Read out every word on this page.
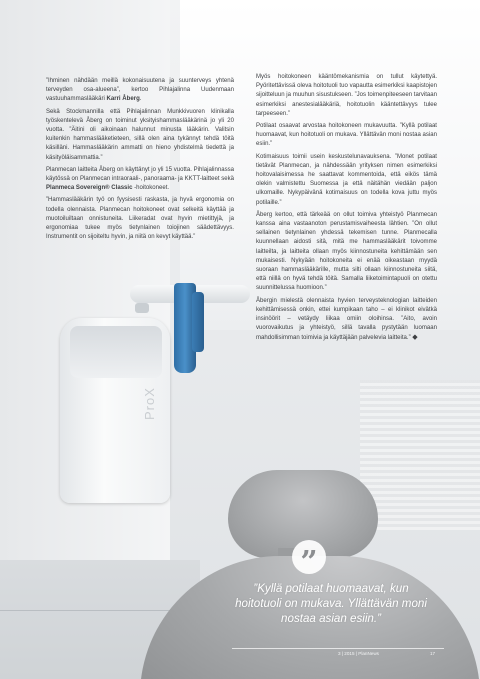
ProX

”Ihminen nähdään meillä kokonaisuutena ja suunterveys yhtenä terveyden osa-alueena”, kertoo Pihlajalinna Uudenmaan vastuuhammaslääkäri Karri Åberg.

Sekä Stockmannilla että Pihlajalinnan Munkkivuoren klinikalla työskentelevä Åberg on toiminut yksityishammaslääkärinä jo yli 20 vuotta. ”Äitini oli aikoinaan halunnut minusta lääkärin. Valitsin kuitenkin hammaslääketieteen, sillä olen aina tykännyt tehdä töitä käsilläni. Hammaslääkärin ammatti on hieno yhdistelmä tiedettä ja käsityöläisammattia.”

Planmecan laitteita Åberg on käyttänyt jo yli 15 vuotta. Pihlajalinnassa käytössä on Planmecan intraoraali-, panoraama- ja KKTT-laitteet sekä Planmeca Sovereign® Classic -hoitokoneet.

”Hammaslääkärin työ on fyysisesti raskasta, ja hyvä ergonomia on todella olennaista. Planmecan hoitokoneet ovat selkeitä käyttää ja muotoiluiltaan onnistuneita. Liikeradat ovat hyvin mietittyjä, ja ergonomiaa tukee myös tietynlainen toiojinen säädettävyys. Instrumentit on sijoiteltu hyvin, ja niitä on kevyt käyttää.”

Myös hoitokoneen kääntömekanismia on tullut käytettyä. Pyöritettävissä oleva hoitotuoli tuo vapautta esimerkiksi kaapistojen sijoitteluun ja muuhun sisustukseen. ”Jos toimenpiteeseen tarvitaan esimerkiksi anestesialääkäriä, hoitotuolin kääntettävyys tulee tarpeeseen.”

Potilaat osaavat arvostaa hoitokoneen mukavuutta. ”Kyllä potilaat huomaavat, kun hoitotuoli on mukava. Yllättävän moni nostaa asian esiin.”

Kotimaisuus toimii usein keskustelunavauksena. ”Monet potilaat tietävät Planmecan, ja nähdessään yrityksen nimen esimerkiksi hoitovalaisimessa he saattavat kommentoida, että eikös tämä olekin valmistettu Suomessa ja että näitähän viedään paljon ulkomaille. Nykypäivänä kotimaisuus on todella kova juttu myös potilaille.”

Åberg kertoo, että tärkeää on ollut toimiva yhteistyö Planmecan kanssa aina vastaanoton perustamisvaiheesta lähtien. ”On ollut sellainen tietynlainen yhdessä tekemisen tunne. Planmecalla kuunnellaan aidosti sitä, mitä me hammaslääkärit toivomme laitteilta, ja laitteita ollaan myös kiinnostuneita kehittämään sen mukaisesti. Nykyään hoitokoneita ei enää oikeastaan myydä suoraan hammaslääkärille, mutta silti ollaan kiinnostuneita siitä, että niillä on hyvä tehdä töitä. Samalla liiketoimintapuoli on otettu suunnittelussa huomioon.”

Åbergin mielestä olennaista hyvien terveysteknologian laitteiden kehittämisessä onkin, ettei kumpikaan taho – ei klinikot eivätkä insinöörit – vetäydy liikaa omiin oloihinsa. ”Aito, avoin vuorovaikutus ja yhteistyö, sillä tavalla pystytään luomaan mahdollisimman toimivia ja käyttäjään palvelevia laitteita.” ◆

”
”Kyllä potilaat huomaavat, kun hoitotuoli on mukava. Yllättävän moni nostaa asian esiin.”
3 | 2015 | PlanNews	17
